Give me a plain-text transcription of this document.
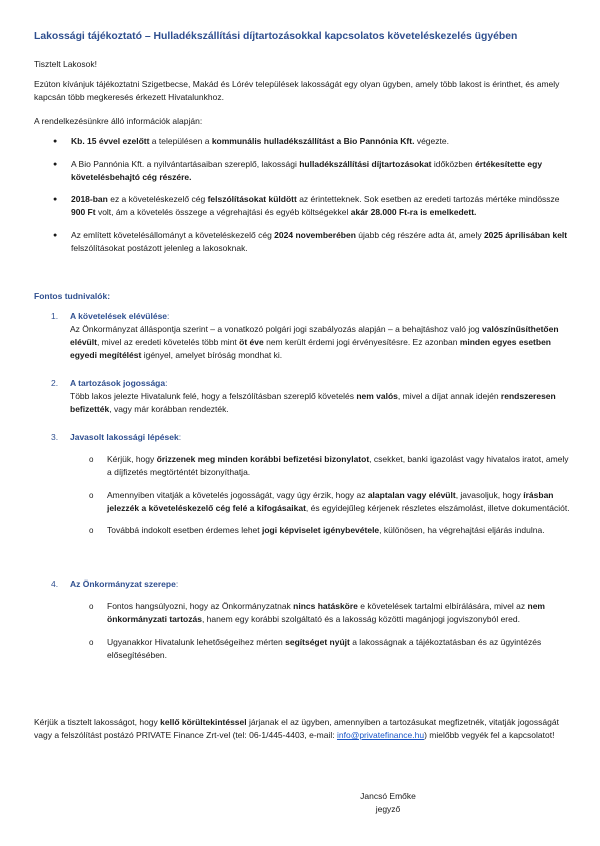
Lakossági tájékoztató – Hulladékszállítási díjtartozásokkal kapcsolatos követeléskezelés ügyében

Tisztelt Lakosok!

Ezúton kívánjuk tájékoztatni Szigetbecse, Makád és Lórév települések lakosságát egy olyan ügyben, amely több lakost is érinthet, és amely kapcsán több megkeresés érkezett Hivatalunkhoz.

A rendelkezésünkre álló információk alapján:

● Kb. 15 évvel ezelőtt a településen a kommunális hulladékszállítást a Bio Pannónia Kft. végezte.
● A Bio Pannónia Kft. a nyilvántartásaiban szereplő, lakossági hulladékszállítási díjtartozásokat időközben értékesítette egy követelésbehajtó cég részére.
● 2018-ban ez a követeléskezelő cég felszólításokat küldött az érintetteknek. Sok esetben az eredeti tartozás mértéke mindössze 900 Ft volt, ám a követelés összege a végrehajtási és egyéb költségekkel akár 28.000 Ft-ra is emelkedett.
● Az említett követelésállományt a követeléskezelő cég 2024 novemberében újabb cég részére adta át, amely 2025 áprilisában kelt felszólításokat postázott jelenleg a lakosoknak.

Fontos tudnivalók:

1. A követelések elévülése:

Az Önkormányzat álláspontja szerint – a vonatkozó polgári jogi szabályozás alapján – a behajtáshoz való jog valószínűsíthetően elévült, mivel az eredeti követelés több mint öt éve nem került érdemi jogi érvényesítésre. Ez azonban minden egyes esetben egyedi megítélést igényel, amelyet bíróság mondhat ki.

2. A tartozások jogossága:

Több lakos jelezte Hivatalunk felé, hogy a felszólításban szereplő követelés nem valós, mivel a díjat annak idején rendszeresen befizették, vagy már korábban rendezték.

3. Javasolt lakossági lépések:

o Kérjük, hogy őrizzenek meg minden korábbi befizetési bizonylatot, csekket, banki igazolást vagy hivatalos iratot, amely a díjfizetés megtörténtét bizonyíthatja.
o Amennyiben vitatják a követelés jogosságát, vagy úgy érzik, hogy az alaptalan vagy elévült, javasoljuk, hogy írásban jelezzék a követeléskezelő cég felé a kifogásaikat, és egyidejűleg kérjenek részletes elszámolást, illetve dokumentációt.
o Továbbá indokolt esetben érdemes lehet jogi képviselet igénybevétele, különösen, ha végrehajtási eljárás indulna.

4. Az Önkormányzat szerepe:

o Fontos hangsúlyozni, hogy az Önkormányzatnak nincs hatásköre e követelések tartalmi elbírálására, mivel az nem önkormányzati tartozás, hanem egy korábbi szolgáltató és a lakosság közötti magánjogi jogviszonyból ered.
o Ugyanakkor Hivatalunk lehetőségeihez mérten segítséget nyújt a lakosságnak a tájékoztatásban és az ügyintézés elősegítésében.

Kérjük a tisztelt lakosságot, hogy kellő körültekintéssel járjanak el az ügyben, amennyiben a tartozásukat megfizetnék, vitatják jogosságát vagy a felszólítást postázó PRIVATE Finance Zrt-vel (tel: 06-1/445-4403, e-mail: info@privatefinance.hu) mielőbb vegyék fel a kapcsolatot!

Jancsó Emőke
jegyző
